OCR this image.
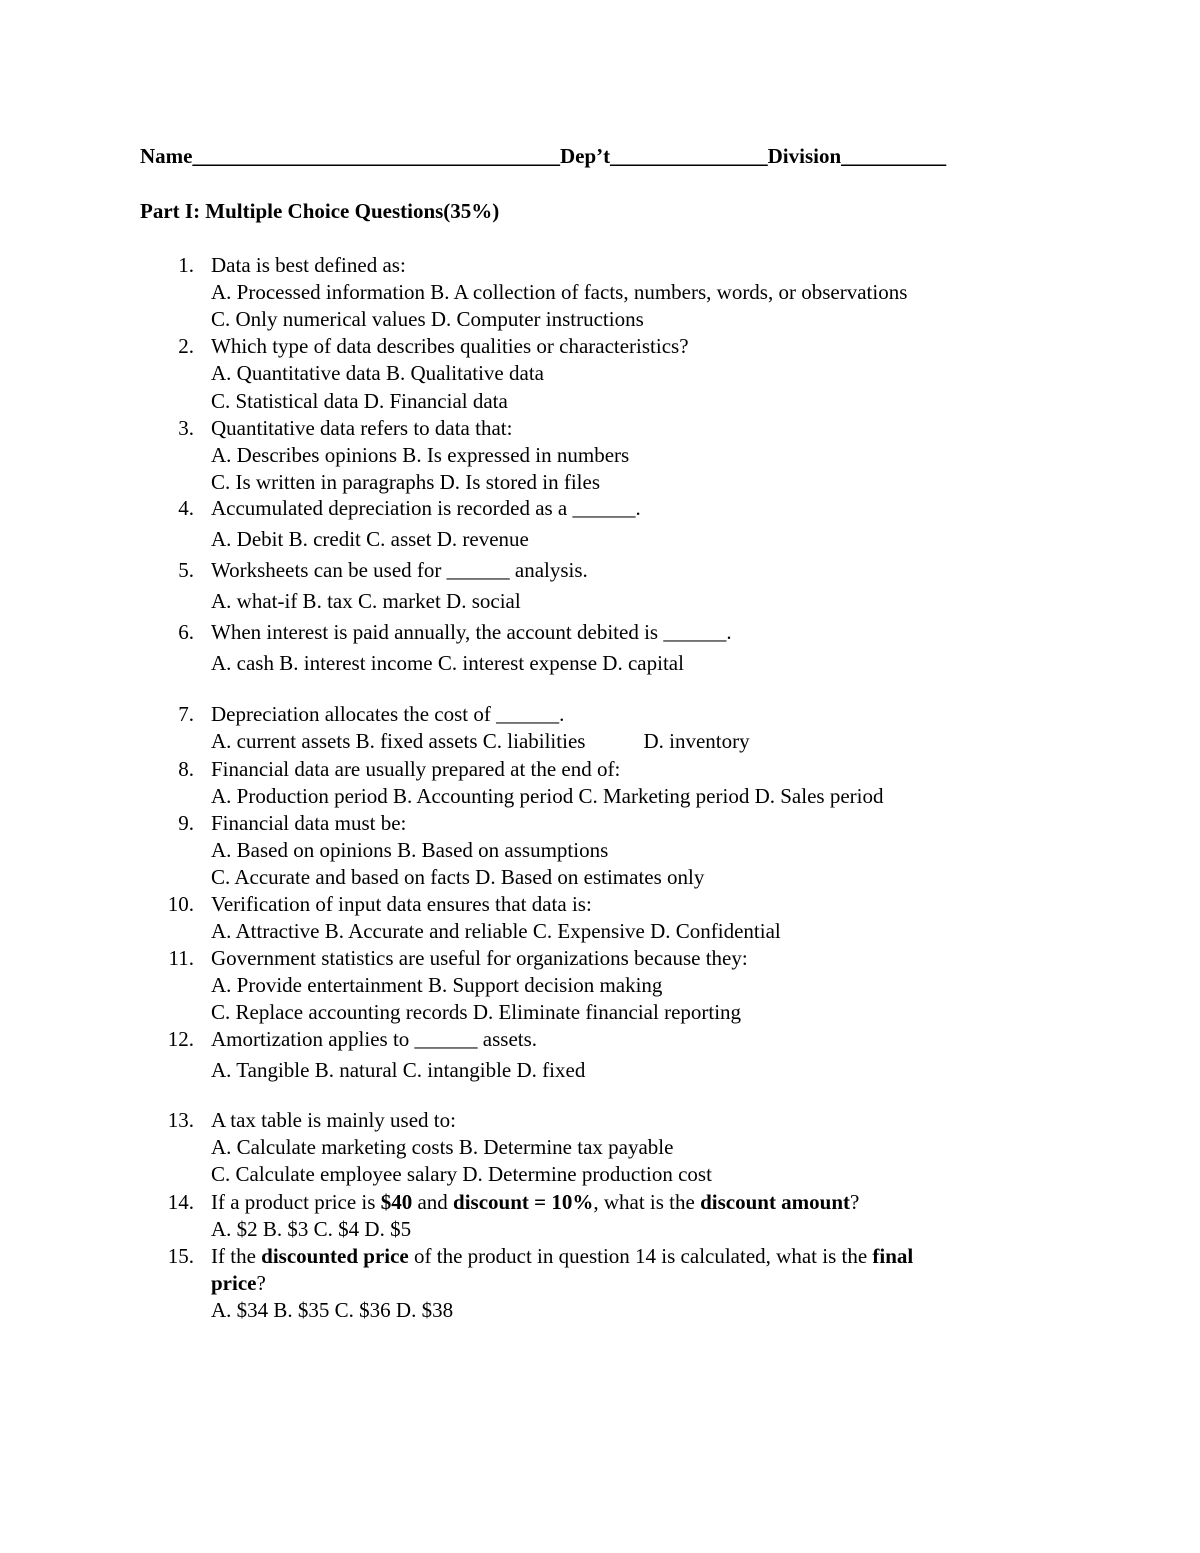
Name___________________________________Dep’t_______________Division__________
Part I: Multiple Choice Questions(35%)
1. Data is best defined as:
A. Processed information B. A collection of facts, numbers, words, or observations
C. Only numerical values D. Computer instructions
2. Which type of data describes qualities or characteristics?
A. Quantitative data B. Qualitative data
C. Statistical data D. Financial data
3. Quantitative data refers to data that:
A. Describes opinions B. Is expressed in numbers
C. Is written in paragraphs D. Is stored in files
4. Accumulated depreciation is recorded as a ______.
A. Debit B. credit C. asset D. revenue
5. Worksheets can be used for ______ analysis.
A. what-if B. tax C. market D. social
6. When interest is paid annually, the account debited is ______.
A. cash B. interest income C. interest expense D. capital
7. Depreciation allocates the cost of ______.
A. current assets B. fixed assets C. liabilities	D. inventory
8. Financial data are usually prepared at the end of:
A. Production period B. Accounting period C. Marketing period D. Sales period
9. Financial data must be:
A. Based on opinions B. Based on assumptions
C. Accurate and based on facts D. Based on estimates only
10. Verification of input data ensures that data is:
A. Attractive B. Accurate and reliable C. Expensive D. Confidential
11. Government statistics are useful for organizations because they:
A. Provide entertainment B. Support decision making
C. Replace accounting records D. Eliminate financial reporting
12. Amortization applies to ______ assets.
A. Tangible B. natural C. intangible D. fixed
13. A tax table is mainly used to:
A. Calculate marketing costs B. Determine tax payable
C. Calculate employee salary D. Determine production cost
14. If a product price is $40 and discount = 10%, what is the discount amount?
A. $2 B. $3 C. $4 D. $5
15. If the discounted price of the product in question 14 is calculated, what is the final
price?
A. $34 B. $35 C. $36 D. $38
